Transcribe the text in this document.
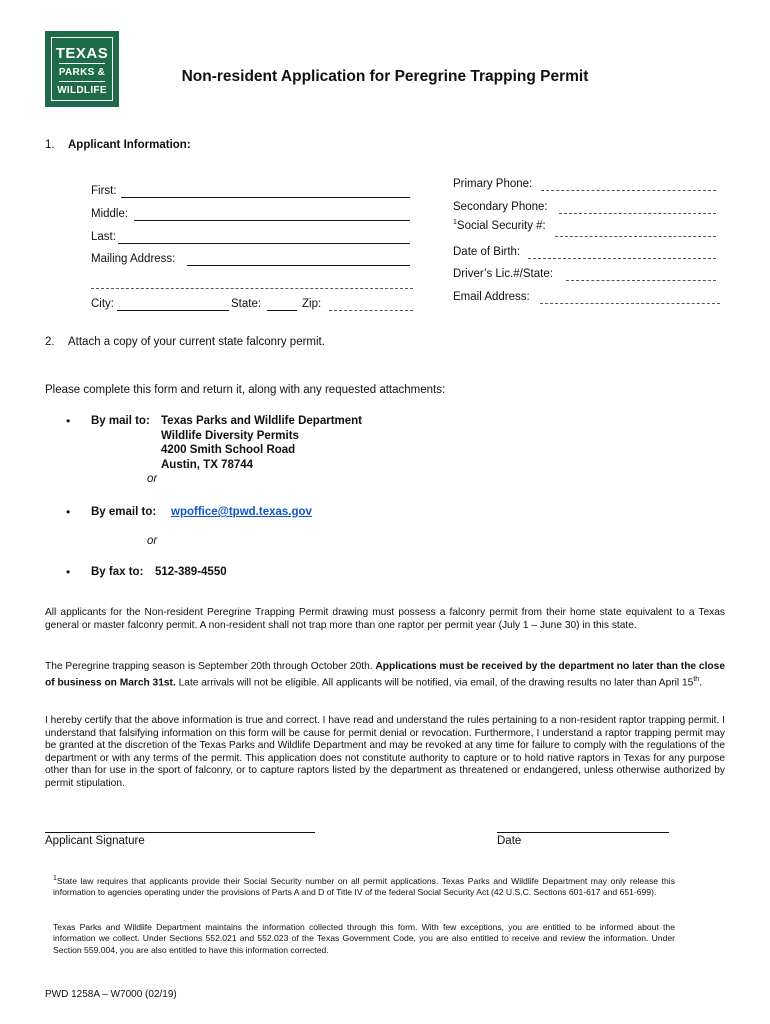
TEXAS
PARKS &
WILDLIFE
Non-resident Application for Peregrine Trapping Permit
1. Applicant Information:
First:
Middle:
Last:
Mailing Address:
City:	State:	Zip:
Primary Phone:
Secondary Phone:
$^1$Social Security #:
Date of Birth:
Driver’s Lic.#/State:
Email Address:
2. Attach a copy of your current state falconry permit.
Please complete this form and return it, along with any requested attachments:
• By mail to: Texas Parks and Wildlife Department
Wildlife Diversity Permits
4200 Smith School Road
Austin, TX 78744
or
• By email to: wpoffice@tpwd.texas.gov
or
• By fax to: 512-389-4550
All applicants for the Non-resident Peregrine Trapping Permit drawing must possess a falconry permit from their home state equivalent to a Texas general or master falconry permit. A non-resident shall not trap more than one raptor per permit year (July 1 – June 30) in this state.
The Peregrine trapping season is September 20th through October 20th. Applications must be received by the department no later than the close of business on March 31st. Late arrivals will not be eligible. All applicants will be notified, via email, of the drawing results no later than April 15th.
I hereby certify that the above information is true and correct. I have read and understand the rules pertaining to a non-resident raptor trapping permit. I understand that falsifying information on this form will be cause for permit denial or revocation. Furthermore, I understand a raptor trapping permit may be granted at the discretion of the Texas Parks and Wildlife Department and may be revoked at any time for failure to comply with the regulations of the department or with any terms of the permit. This application does not constitute authority to capture or to hold native raptors in Texas for any purpose other than for use in the sport of falconry, or to capture raptors listed by the department as threatened or endangered, unless otherwise authorized by permit stipulation.
Applicant Signature	Date
$^1$State law requires that applicants provide their Social Security number on all permit applications. Texas Parks and Wildlife Department may only release this information to agencies operating under the provisions of Parts A and D of Title IV of the federal Social Security Act (42 U.S.C. Sections 601-617 and 651-699).
Texas Parks and Wildlife Department maintains the information collected through this form. With few exceptions, you are entitled to be informed about the information we collect. Under Sections 552.021 and 552.023 of the Texas Government Code, you are also entitled to receive and review the information. Under Section 559.004, you are also entitled to have this information corrected.
PWD 1258A – W7000 (02/19)
